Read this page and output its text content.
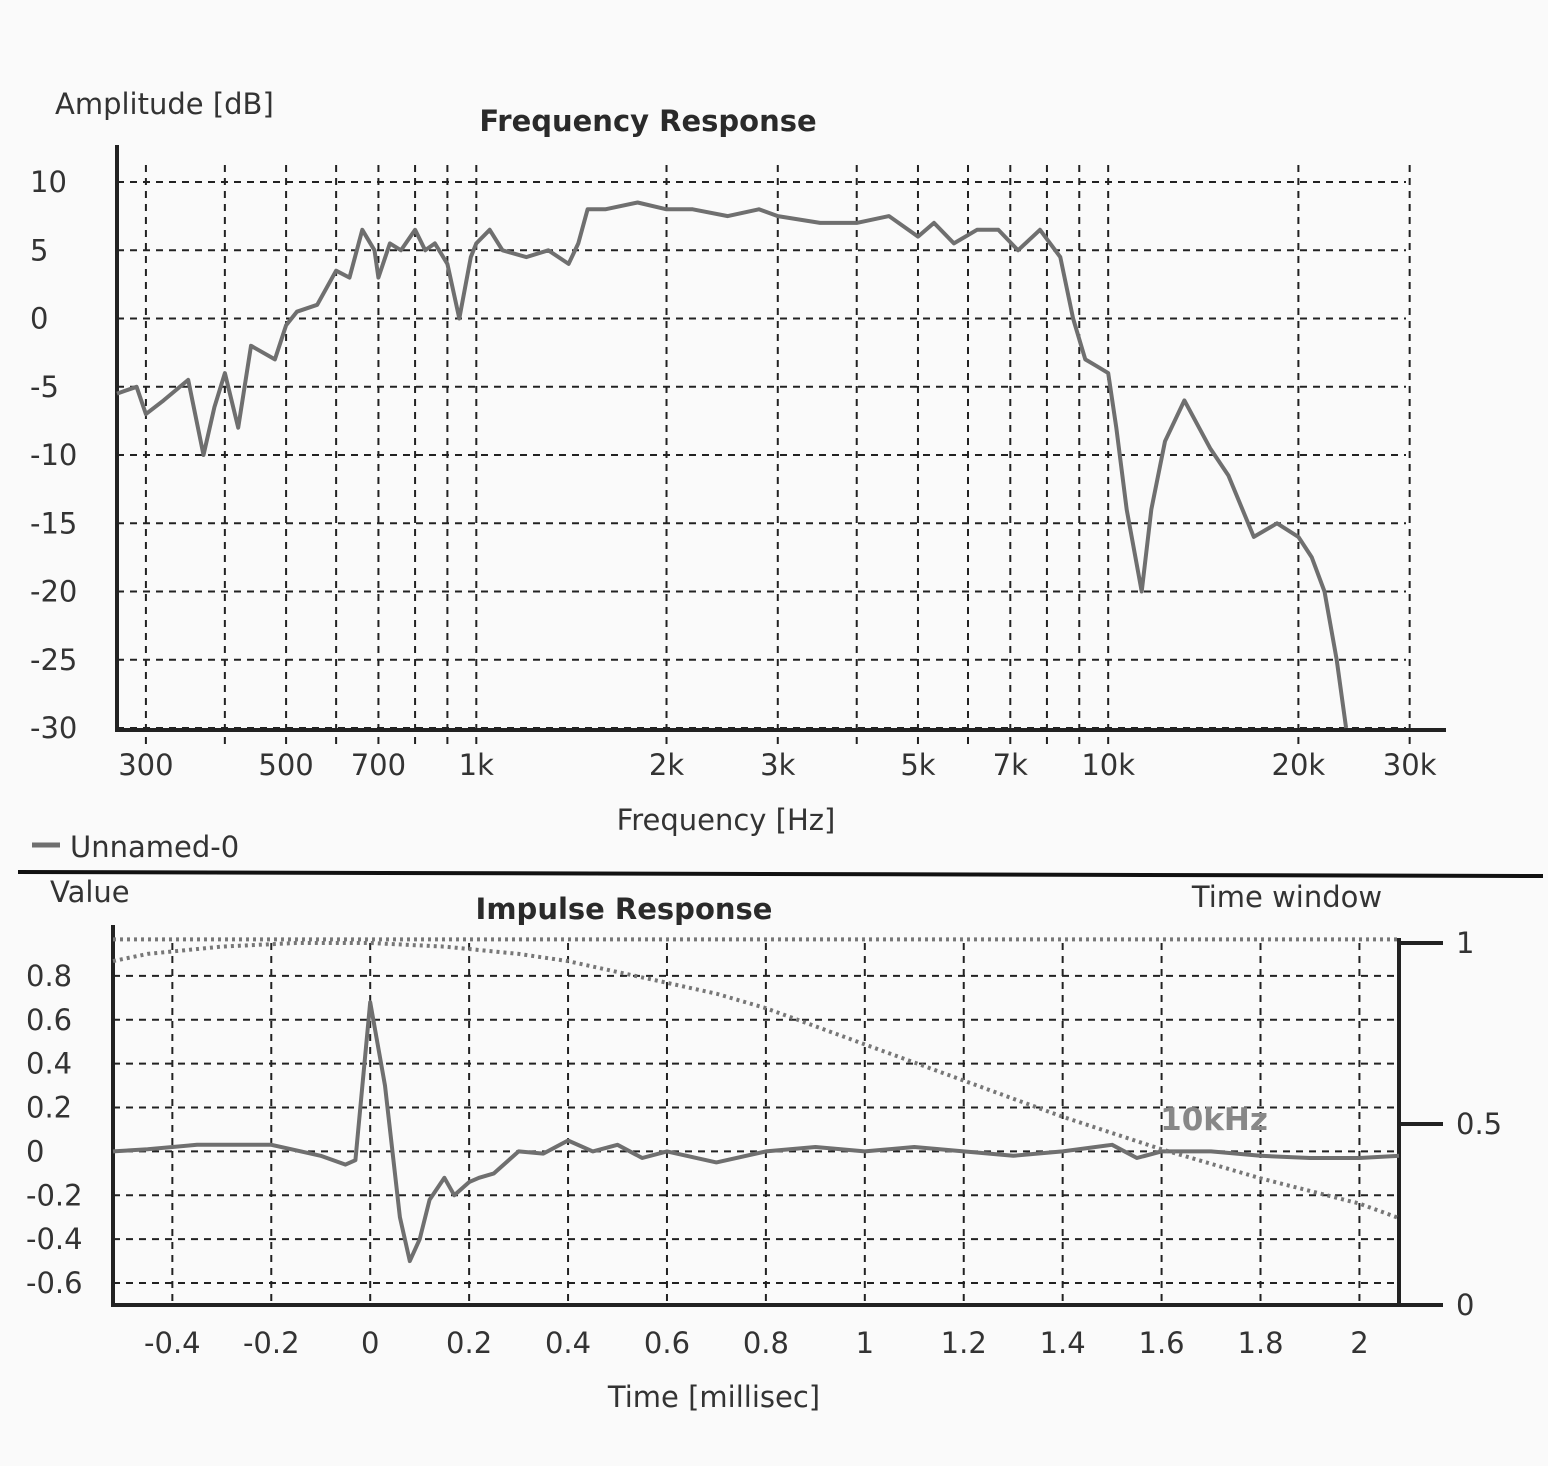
Frequency Response
Amplitude [dB]
Frequency [Hz]
10
5
0
-5
-10
-15
-20
-25
-30
300	500 700 1k	2k	3k	5k 7k 10k	20k 30k
Unnamed-0
Impulse Response
Value	Time window
Time [millisec]
0.8
0.6
0.4
0.2
0
-0.2
-0.4
-0.6
-0.4 -0.2 0 0.2 0.4 0.6 0.8 1 1.2 1.4 1.6 1.8 2
1
0.5
0
10kHz
